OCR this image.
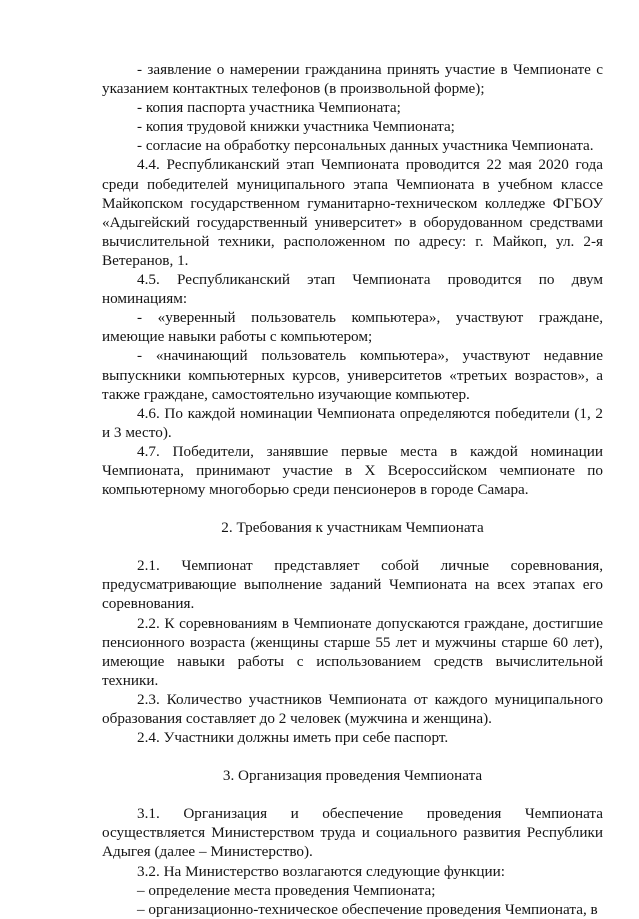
- заявление о намерении гражданина принять участие в Чемпионате с указанием контактных телефонов (в произвольной форме);

- копия паспорта участника Чемпионата;

- копия трудовой книжки участника Чемпионата;

- согласие на обработку персональных данных участника Чемпионата.

4.4. Республиканский этап Чемпионата проводится 22 мая 2020 года среди победителей муниципального этапа Чемпионата в учебном классе Майкопском государственном гуманитарно-техническом колледже ФГБОУ «Адыгейский государственный университет» в оборудованном средствами вычислительной техники, расположенном по адресу: г. Майкоп, ул. 2-я Ветеранов, 1.

4.5. Республиканский этап Чемпионата проводится по двум номинациям:

- «уверенный пользователь компьютера», участвуют граждане, имеющие навыки работы с компьютером;

- «начинающий пользователь компьютера», участвуют недавние выпускники компьютерных курсов, университетов «третьих возрастов», а также граждане, самостоятельно изучающие компьютер.

4.6. По каждой номинации Чемпионата определяются победители (1, 2 и 3 место).

4.7. Победители, занявшие первые места в каждой номинации Чемпионата, принимают участие в X Всероссийском чемпионате по компьютерному многоборью среди пенсионеров в городе Самара.

2. Требования к участникам Чемпионата

2.1. Чемпионат представляет собой личные соревнования, предусматривающие выполнение заданий Чемпионата на всех этапах его соревнования.

2.2. К соревнованиям в Чемпионате допускаются граждане, достигшие пенсионного возраста (женщины старше 55 лет и мужчины старше 60 лет), имеющие навыки работы с использованием средств вычислительной техники.

2.3. Количество участников Чемпионата от каждого муниципального образования составляет до 2 человек (мужчина и женщина).

2.4. Участники должны иметь при себе паспорт.

3. Организация проведения Чемпионата

3.1. Организация и обеспечение проведения Чемпионата осуществляется Министерством труда и социального развития Республики Адыгея (далее – Министерство).

3.2. На Министерство возлагаются следующие функции:

– определение места проведения Чемпионата;

– организационно-техническое обеспечение проведения Чемпионата, в
